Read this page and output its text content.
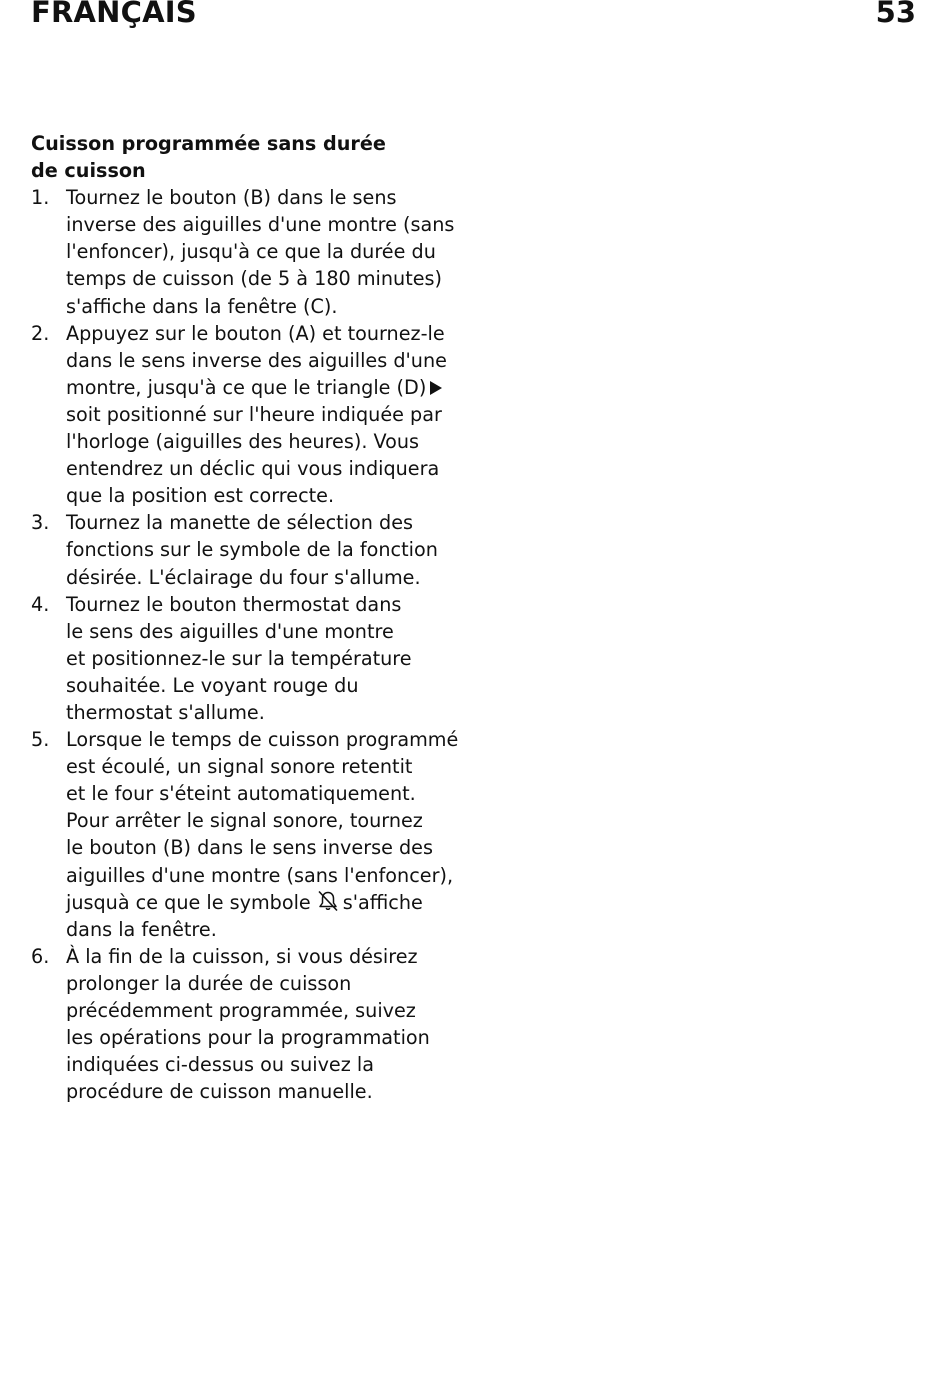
FRANÇAIS	53
Cuisson programmée sans durée de cuisson
1. Tournez le bouton (B) dans le sens
inverse des aiguilles d'une montre (sans
l'enfoncer), jusqu'à ce que la durée du
temps de cuisson (de 5 à 180 minutes)
s'affiche dans la fenêtre (C).
2. Appuyez sur le bouton (A) et tournez-le
dans le sens inverse des aiguilles d'une
montre, jusqu'à ce que le triangle (D)
soit positionné sur l'heure indiquée par
l'horloge (aiguilles des heures). Vous
entendrez un déclic qui vous indiquera
que la position est correcte.
3. Tournez la manette de sélection des
fonctions sur le symbole de la fonction
désirée. L'éclairage du four s'allume.
4. Tournez le bouton thermostat dans
le sens des aiguilles d'une montre
et positionnez-le sur la température
souhaitée. Le voyant rouge du
thermostat s'allume.
5. Lorsque le temps de cuisson programmé
est écoulé, un signal sonore retentit
et le four s'éteint automatiquement.
Pour arrêter le signal sonore, tournez
le bouton (B) dans le sens inverse des
aiguilles d'une montre (sans l'enfoncer),
jusquà ce que le symbole s'affiche
dans la fenêtre.
6. À la fin de la cuisson, si vous désirez
prolonger la durée de cuisson
précédemment programmée, suivez
les opérations pour la programmation
indiquées ci-dessus ou suivez la
procédure de cuisson manuelle.
